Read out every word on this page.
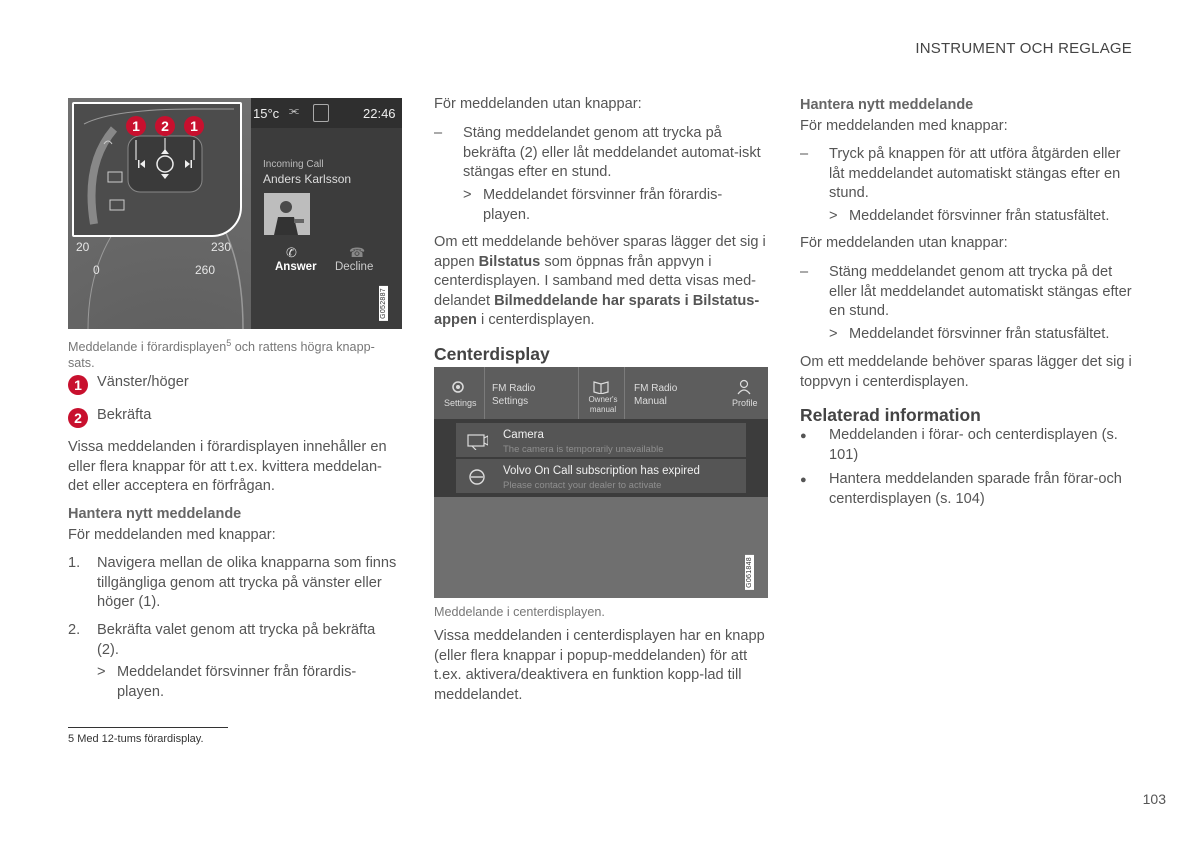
INSTRUMENT OCH REGLAGE
20
0
230
260
15°c ⫘	22:46
Incoming Call
Anders Karlsson
✆
Answer
☎
Decline
1	2	1
G052887
Meddelande i förardisplayen$^5$ och rattens högra knapp-sats.
1	Vänster/höger
2	Bekräfta

Vissa meddelanden i förardisplayen innehåller en eller flera knappar för att t.ex. kvittera meddelan-det eller acceptera en förfrågan.

Hantera nytt meddelande

För meddelanden med knappar:

1. Navigera mellan de olika knapparna som finns tillgängliga genom att trycka på vänster eller höger (1).

2. Bekräfta valet genom att trycka på bekräfta (2).

> Meddelandet försvinner från förardis-playen.

5 Med 12-tums förardisplay.

För meddelanden utan knappar:

– Stäng meddelandet genom att trycka på bekräfta (2) eller låt meddelandet automat-iskt stängas efter en stund.

> Meddelandet försvinner från förardis-playen.

Om ett meddelande behöver sparas lägger det sig i appen Bilstatus som öppnas från appvyn i centerdisplayen. I samband med detta visas med-delandet Bilmeddelande har sparats i Bilstatus-appen i centerdisplayen.

Centerdisplay
Settings
FM Radio
Settings	Owner's manual
FM Radio
Manual	Profile
Camera
The camera is temporarily unavailable
Volvo On Call subscription has expired
Please contact your dealer to activate
G061848
Meddelande i centerdisplayen.

Vissa meddelanden i centerdisplayen har en knapp (eller flera knappar i popup-meddelanden) för att t.ex. aktivera/deaktivera en funktion kopp-lad till meddelandet.

Hantera nytt meddelande

För meddelanden med knappar:

– Tryck på knappen för att utföra åtgärden eller låt meddelandet automatiskt stängas efter en stund.

> Meddelandet försvinner från statusfältet.

För meddelanden utan knappar:

– Stäng meddelandet genom att trycka på det eller låt meddelandet automatiskt stängas efter en stund.

> Meddelandet försvinner från statusfältet.

Om ett meddelande behöver sparas lägger det sig i toppvyn i centerdisplayen.

Relaterad information
● Meddelanden i förar- och centerdisplayen (s. 101)

● Hantera meddelanden sparade från förar-och centerdisplayen (s. 104)

103
